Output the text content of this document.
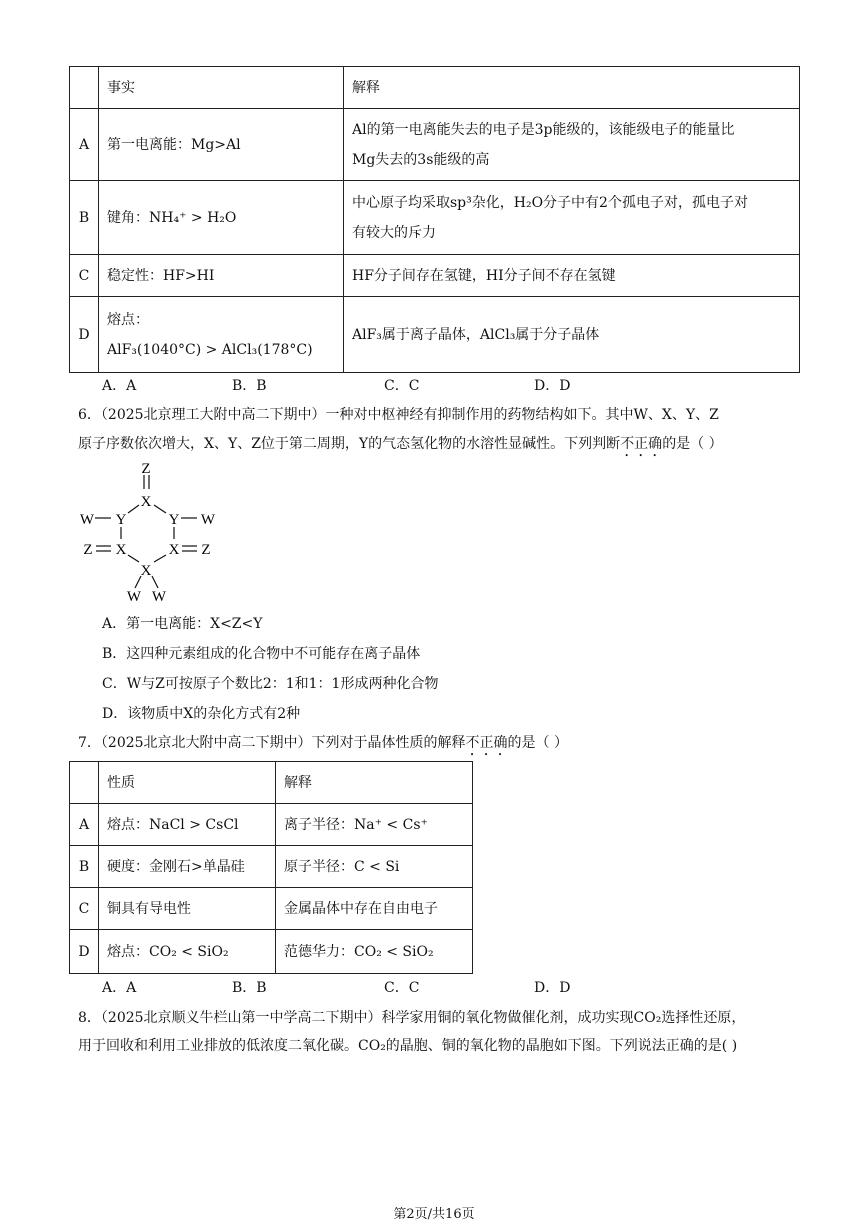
	事实	解释
A	第一电离能：Mg>Al	Al的第一电离能失去的电子是3p能级的，该能级电子的能量比
Mg失去的3s能级的高

B	键角：NH₄⁺ > H₂O	中心原子均采取sp³杂化，H₂O分子中有2个孤电子对，孤电子对
有较大的斥力

C	稳定性：HF>HI	HF分子间存在氢键，HI分子间不存在氢键
D	熔点：
AlF₃(1040°C) > AlCl₃(178°C)	AlF₃属于离子晶体，AlCl₃属于分子晶体
A．A	B．B	C．C	D．D
6．（2025北京理工大附中高二下期中）一种对中枢神经有抑制作用的药物结构如下。其中W、X、Y、Z
原子序数依次增大，X、Y、Z位于第二周期，Y的气态氢化物的水溶性显碱性。下列判断不正确的是（ ）
Z
X
Y	Y
W	W
X	X
Z	Z
X
W W
A．第一电离能：X<Z<Y
B．这四种元素组成的化合物中不可能存在离子晶体
C．W与Z可按原子个数比2：1和1：1形成两种化合物
D．该物质中X的杂化方式有2种
7．（2025北京北大附中高二下期中）下列对于晶体性质的解释不正确的是（ ）
	性质	解释
A	熔点：NaCl > CsCl	离子半径：Na⁺ < Cs⁺
B	硬度：金刚石>单晶硅	原子半径：C < Si
C	铜具有导电性	金属晶体中存在自由电子
D	熔点：CO₂ < SiO₂	范德华力：CO₂ < SiO₂
A．A	B．B	C．C	D．D
8．（2025北京顺义牛栏山第一中学高二下期中）科学家用铜的氧化物做催化剂，成功实现CO₂选择性还原，
用于回收和利用工业排放的低浓度二氧化碳。CO₂的晶胞、铜的氧化物的晶胞如下图。下列说法正确的是( )
第2页/共16页
